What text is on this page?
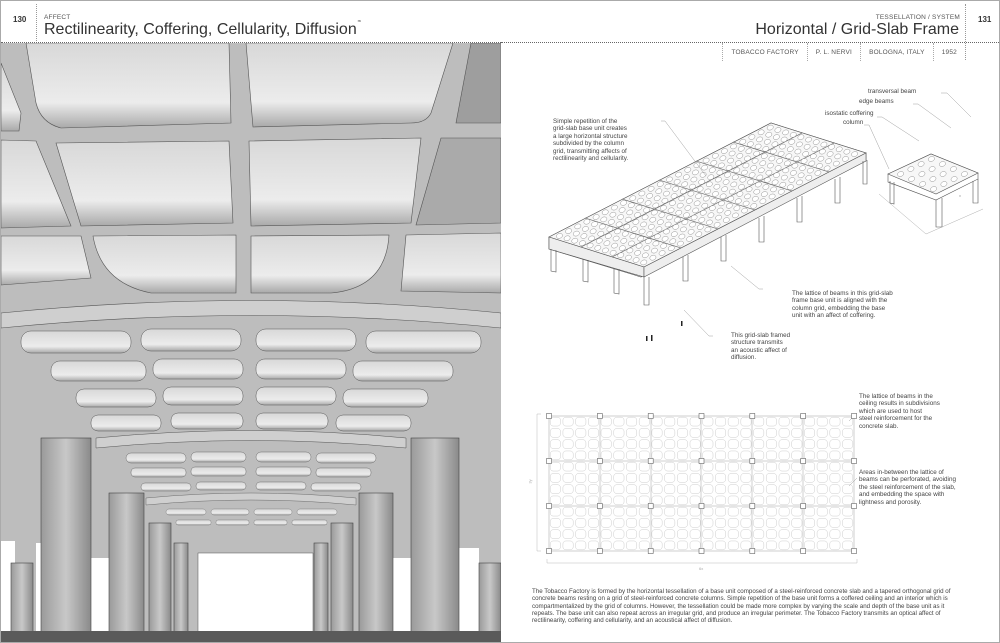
130	AFFECT
Rectilinearity, Coffering, Cellularity, Diffusion≈
TESSELLATION / SYSTEM
Horizontal / Grid-Slab Frame
131
TOBACCO FACTORY	P. L. NERVI	BOLOGNA, ITALY	1952

Simple repetition of the

grid-slab base unit creates

a large horizontal structure

subdivided by the column

grid, transmitting affects of

rectilinearity and cellularity.

transversal beam
edge beams
isostatic coffering
column
x
x

The lattice of beams in this grid-slab

frame base unit is aligned with the

column grid, embedding the base

unit with an affect of coffering.

This grid-slab framed

structure transmits

an acoustic affect of

diffusion.

The lattice of beams in the

ceiling results in subdivisions

which are used to host

steel reinforcement for the

concrete slab.

Areas in-between the lattice of

beams can be perforated, avoiding

the steel reinforcement of the slab,

and embedding the space with

lightness and porosity.

3y
6x
The Tobacco Factory is formed by the horizontal tessellation of a base unit composed of a steel-reinforced concrete slab and a tapered orthogonal grid of concrete beams resting on a grid of steel-reinforced concrete columns. Simple repetition of the base unit forms a coffered ceiling and an interior which is compartmentalized by the grid of columns. However, the tessellation could be made more complex by varying the scale and depth of the base unit as it repeats. The base unit can also repeat across an irregular grid, and produce an irregular perimeter. The Tobacco Factory transmits an optical affect of rectilinearity, coffering and cellularity, and an acoustical affect of diffusion.
